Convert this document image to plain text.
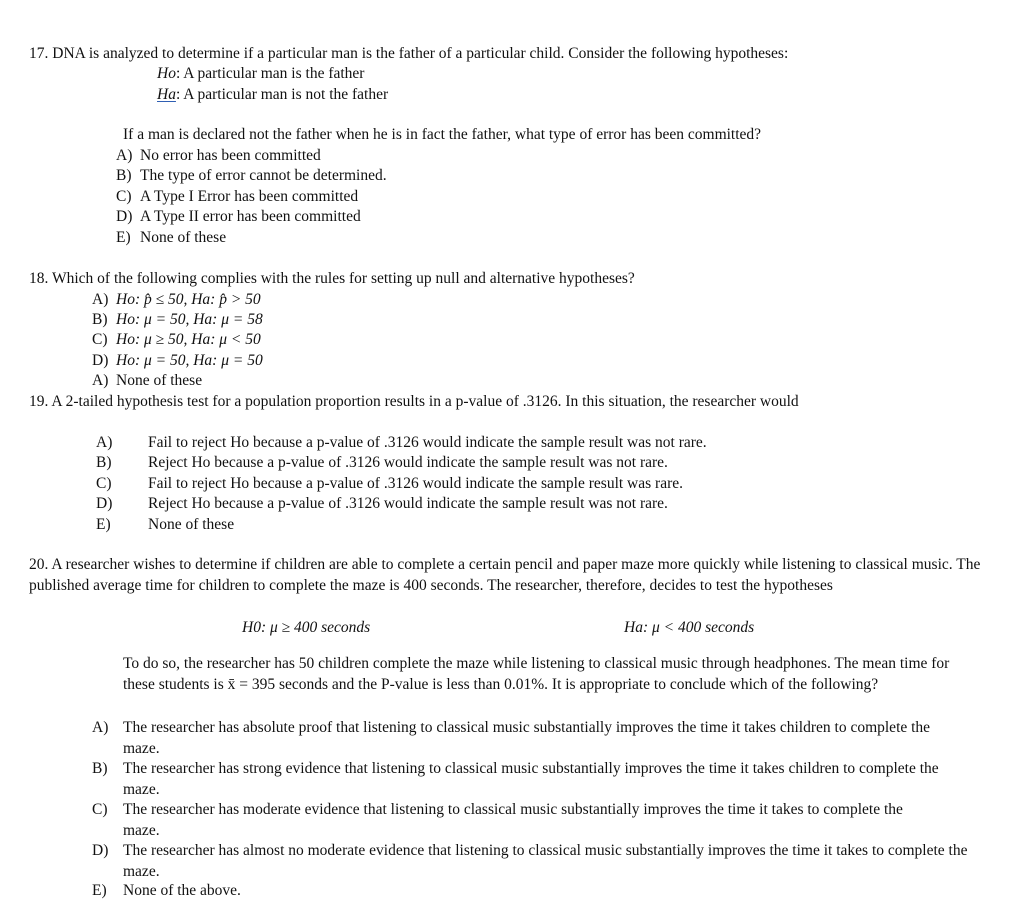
17. DNA is analyzed to determine if a particular man is the father of a particular child. Consider the following hypotheses:
Ho: A particular man is the father
Ha: A particular man is not the father
If a man is declared not the father when he is in fact the father, what type of error has been committed?
A) No error has been committed
B) The type of error cannot be determined.
C) A Type I Error has been committed
D) A Type II error has been committed
E) None of these
18. Which of the following complies with the rules for setting up null and alternative hypotheses?
A) Ho: p̂ ≤ 50, Ha: p̂ > 50
B) Ho: μ = 50, Ha: μ = 58
C) Ho: μ ≥ 50, Ha: μ < 50
D) Ho: μ = 50, Ha: μ = 50
A) None of these
19. A 2-tailed hypothesis test for a population proportion results in a p-value of .3126. In this situation, the researcher would
A) Fail to reject Ho because a p-value of .3126 would indicate the sample result was not rare.
B) Reject Ho because a p-value of .3126 would indicate the sample result was not rare.
C) Fail to reject Ho because a p-value of .3126 would indicate the sample result was rare.
D) Reject Ho because a p-value of .3126 would indicate the sample result was not rare.
E) None of these
20. A researcher wishes to determine if children are able to complete a certain pencil and paper maze more quickly while listening to classical music. The published average time for children to complete the maze is 400 seconds. The researcher, therefore, decides to test the hypotheses
H0: μ ≥ 400 seconds	Ha: μ < 400 seconds
To do so, the researcher has 50 children complete the maze while listening to classical music through headphones. The mean time for these students is x̄ = 395 seconds and the P-value is less than 0.01%. It is appropriate to conclude which of the following?
A) The researcher has absolute proof that listening to classical music substantially improves the time it takes children to complete the maze.
B) The researcher has strong evidence that listening to classical music substantially improves the time it takes children to complete the maze.
C) The researcher has moderate evidence that listening to classical music substantially improves the time it takes to complete the maze.
D) The researcher has almost no moderate evidence that listening to classical music substantially improves the time it takes to complete the maze.
E) None of the above.
